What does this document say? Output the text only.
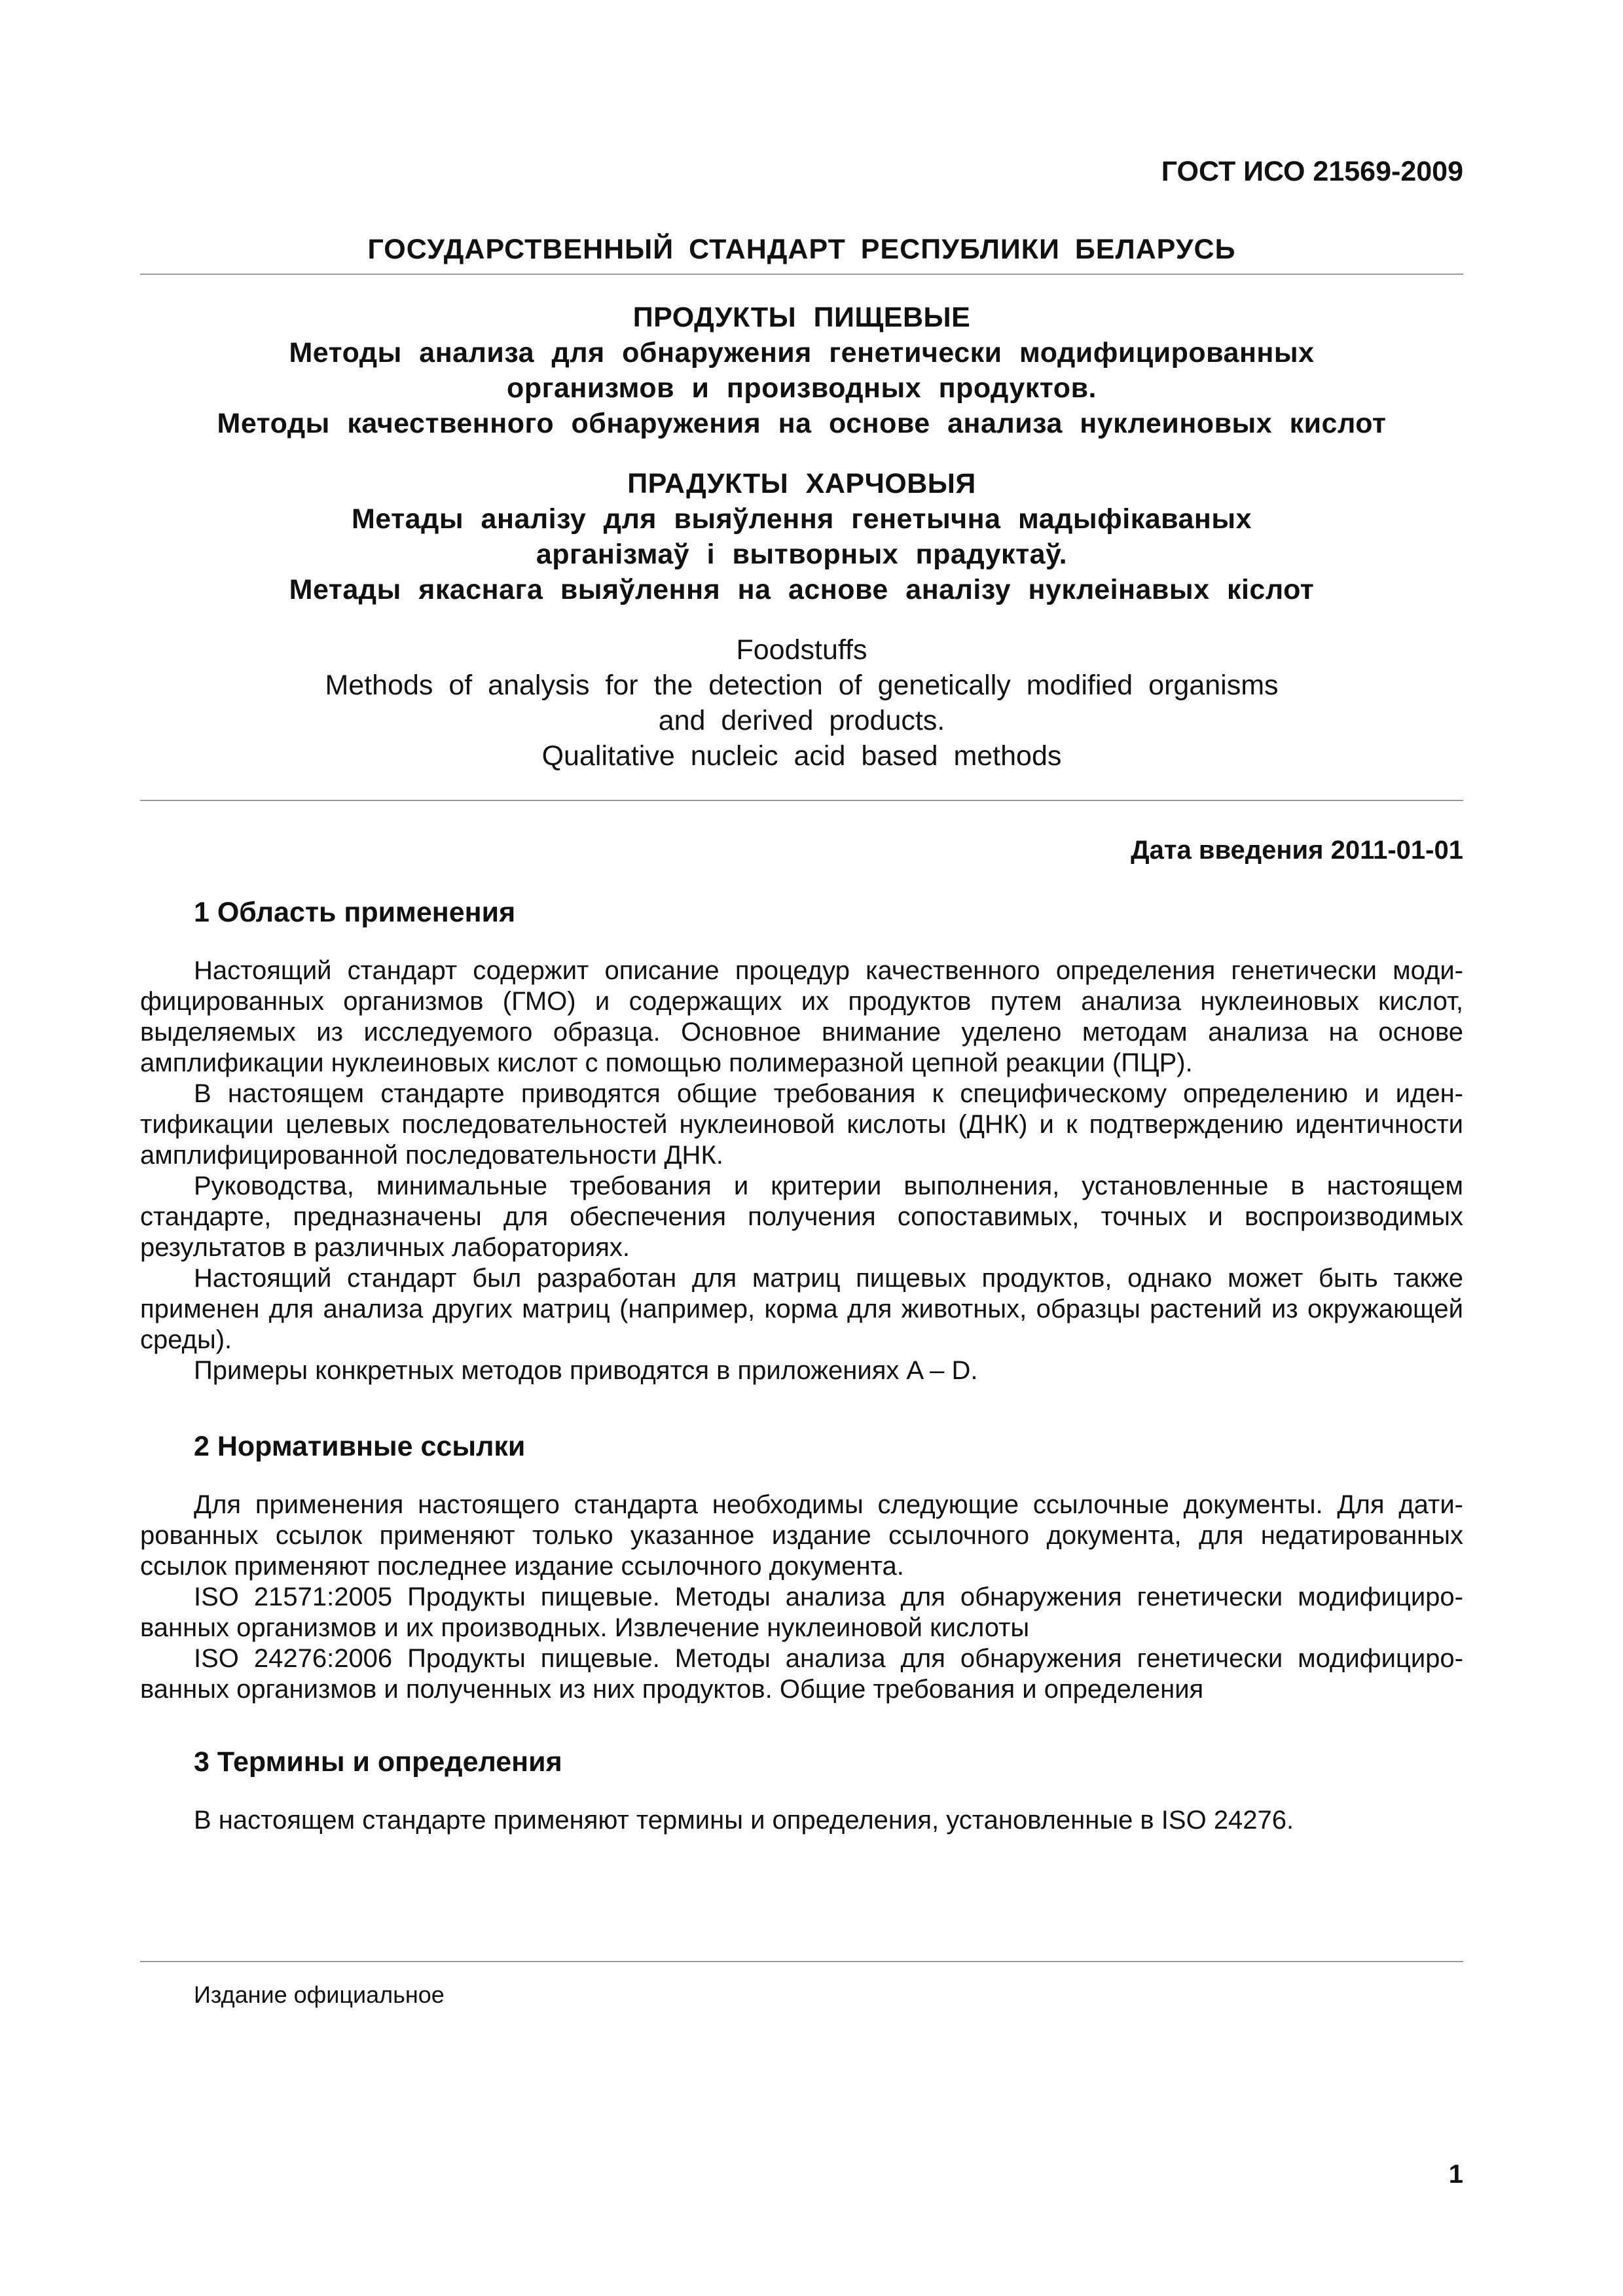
ГОСТ ИСО 21569-2009

ГОСУДАРСТВЕННЫЙ СТАНДАРТ РЕСПУБЛИКИ БЕЛАРУСЬ

ПРОДУКТЫ ПИЩЕВЫЕ
Методы анализа для обнаружения генетически модифицированных
организмов и производных продуктов.
Методы качественного обнаружения на основе анализа нуклеиновых кислот
ПРАДУКТЫ ХАРЧОВЫЯ
Метады аналізу для выяўлення генетычна мадыфікаваных
арганізмаў і вытворных прадуктаў.
Метады якаснага выяўлення на аснове аналізу нуклеінавых кіслот
Foodstuffs
Methods of analysis for the detection of genetically modified organisms
and derived products.
Qualitative nucleic acid based methods

Дата введения 2011-01-01

1 Область применения

Настоящий стандарт содержит описание процедур качественного определения генетически модифицированных организмов (ГМО) и содержащих их продуктов путем анализа нуклеиновых кислот, выделяемых из исследуемого образца. Основное внимание уделено методам анализа на основе амплификации нуклеиновых кислот с помощью полимеразной цепной реакции (ПЦР).

В настоящем стандарте приводятся общие требования к специфическому определению и идентификации целевых последовательностей нуклеиновой кислоты (ДНК) и к подтверждению идентичности амплифицированной последовательности ДНК.

Руководства, минимальные требования и критерии выполнения, установленные в настоящем стандарте, предназначены для обеспечения получения сопоставимых, точных и воспроизводимых результатов в различных лабораториях.

Настоящий стандарт был разработан для матриц пищевых продуктов, однако может быть также применен для анализа других матриц (например, корма для животных, образцы растений из окружающей среды).

Примеры конкретных методов приводятся в приложениях A – D.

2 Нормативные ссылки

Для применения настоящего стандарта необходимы следующие ссылочные документы. Для датированных ссылок применяют только указанное издание ссылочного документа, для недатированных ссылок применяют последнее издание ссылочного документа.

ISO 21571:2005 Продукты пищевые. Методы анализа для обнаружения генетически модифицированных организмов и их производных. Извлечение нуклеиновой кислоты

ISO 24276:2006 Продукты пищевые. Методы анализа для обнаружения генетически модифицированных организмов и полученных из них продуктов. Общие требования и определения

3 Термины и определения

В настоящем стандарте применяют термины и определения, установленные в ISO 24276.

Издание официальное

1
